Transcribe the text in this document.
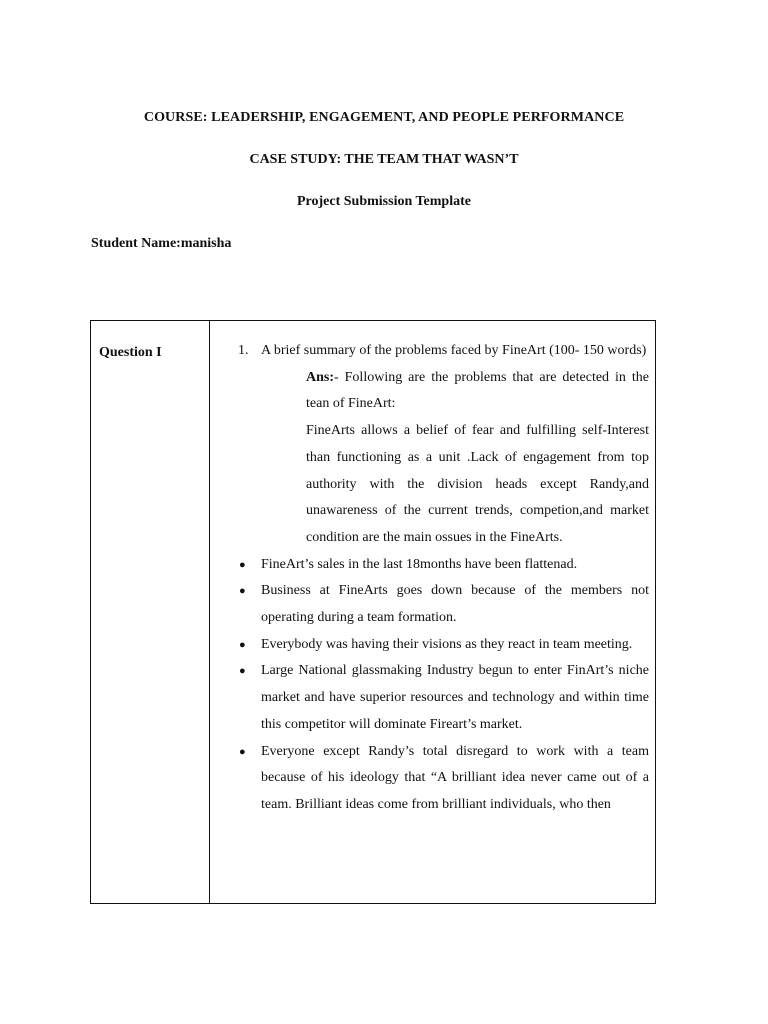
COURSE: LEADERSHIP, ENGAGEMENT, AND PEOPLE PERFORMANCE
CASE STUDY: THE TEAM THAT WASN’T
Project Submission Template
Student Name:manisha
Question I	1. A brief summary of the problems faced by FineArt (100- 150 words)

Ans:- Following are the problems that are detected in the tean of FineArt:

FineArts allows a belief of fear and fulfilling self-Interest than functioning as a unit .Lack of engagement from top authority with the division heads except Randy,and unawareness of the current trends, competion,and market condition are the main ossues in the FineArts.

● FineArt’s sales in the last 18months have been flattenad.

● Business at FineArts goes down because of the members not operating during a team formation.

● Everybody was having their visions as they react in team meeting.

● Large National glassmaking Industry begun to enter FinArt’s niche market and have superior resources and technology and within time this competitor will dominate Fireart’s market.

● Everyone except Randy’s total disregard to work with a team because of his ideology that “A brilliant idea never came out of a team. Brilliant ideas come from brilliant individuals, who then
